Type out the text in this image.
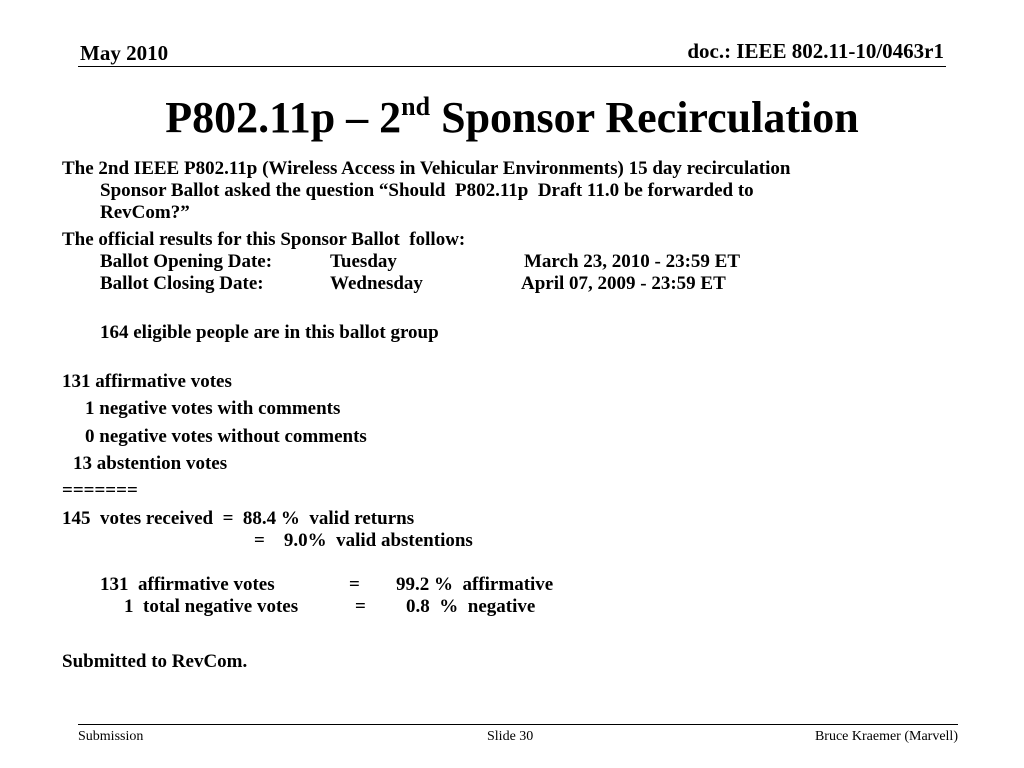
May 2010	doc.: IEEE 802.11-10/0463r1
P802.11p – 2nd Sponsor Recirculation
The 2nd IEEE P802.11p (Wireless Access in Vehicular Environments) 15 day recirculation
Sponsor Ballot asked the question “Should  P802.11p  Draft 11.0 be forwarded to
RevCom?”
The official results for this Sponsor Ballot  follow:
Ballot Opening Date:	Tuesday	March 23, 2010 - 23:59 ET
Ballot Closing Date:	Wednesday	April 07, 2009 - 23:59 ET
164 eligible people are in this ballot group
131 affirmative votes
1 negative votes with comments
0 negative votes without comments
13 abstention votes
=======
145  votes received  =  88.4 %  valid returns
=    9.0%  valid abstentions
131  affirmative votes	= 99.2 %  affirmative
1  total negative votes	= 0.8  %  negative
Submitted to RevCom.
Submission	Slide 30	Bruce Kraemer (Marvell)
